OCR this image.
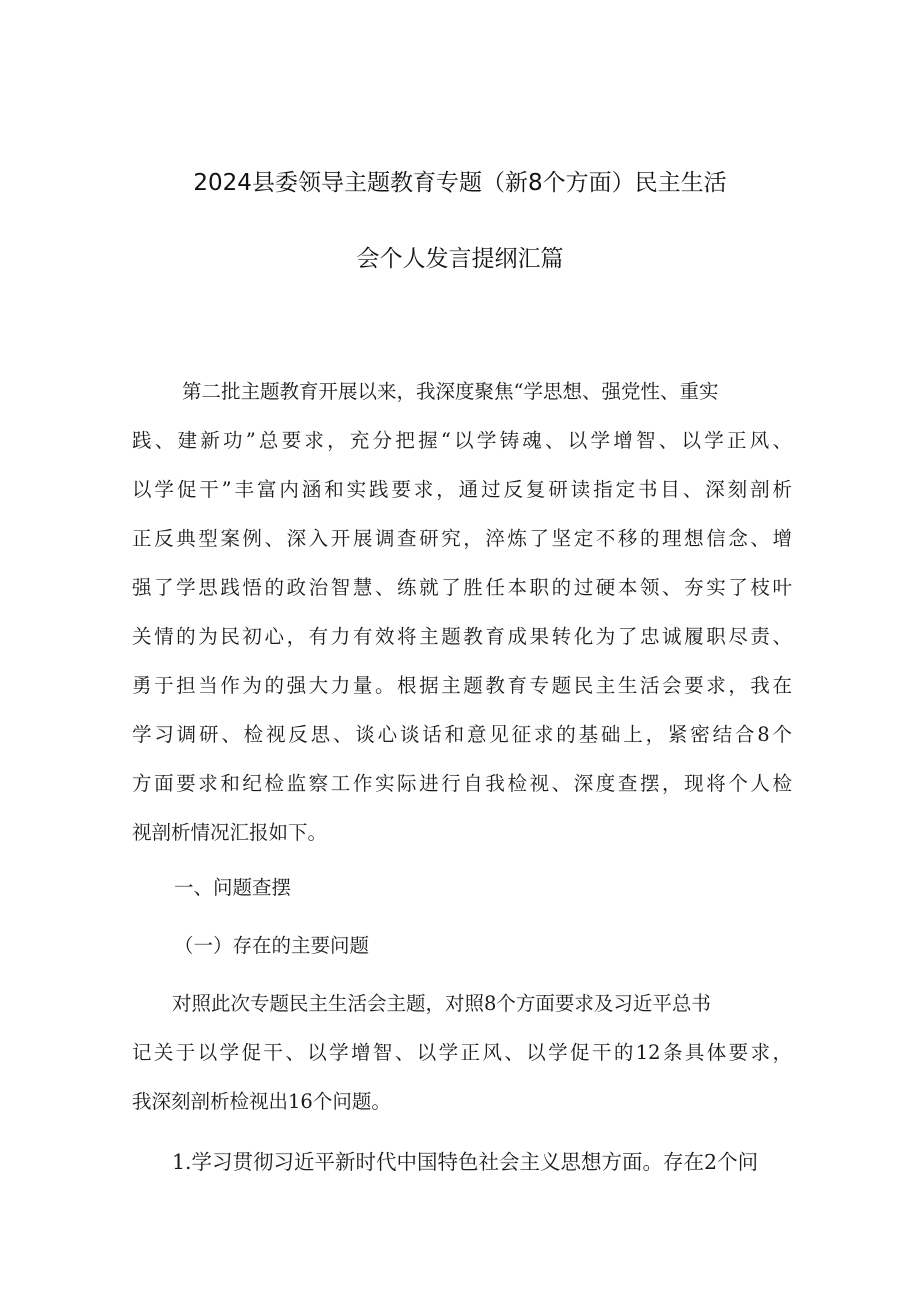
2024县委领导主题教育专题（新8个方面）民主生活
会个人发言提纲汇篇
第二批主题教育开展以来，我深度聚焦“学思想、强党性、重实
践、建新功”总要求，充分把握“以学铸魂、以学增智、以学正风、
以学促干”丰富内涵和实践要求，通过反复研读指定书目、深刻剖析
正反典型案例、深入开展调查研究，淬炼了坚定不移的理想信念、增
强了学思践悟的政治智慧、练就了胜任本职的过硬本领、夯实了枝叶
关情的为民初心，有力有效将主题教育成果转化为了忠诚履职尽责、
勇于担当作为的强大力量。根据主题教育专题民主生活会要求，我在
学习调研、检视反思、谈心谈话和意见征求的基础上，紧密结合8个
方面要求和纪检监察工作实际进行自我检视、深度查摆，现将个人检
视剖析情况汇报如下。
一、问题查摆
（一）存在的主要问题
对照此次专题民主生活会主题，对照8个方面要求及习近平总书
记关于以学促干、以学增智、以学正风、以学促干的12条具体要求，
我深刻剖析检视出16个问题。
1.学习贯彻习近平新时代中国特色社会主义思想方面。存在2个问
